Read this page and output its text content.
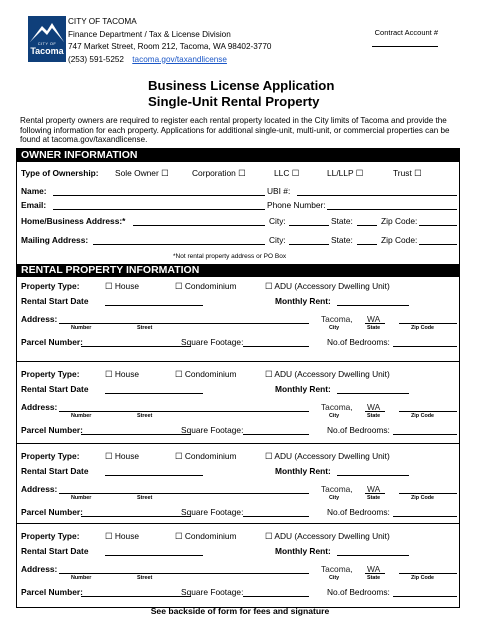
CITY OF
Tacoma
CITY OF TACOMA
Finance Department / Tax & License Division
747 Market Street, Room 212, Tacoma, WA 98402-3770
(253) 591-5252 tacoma.gov/taxandlicense
Contract Account #
Business License Application
Single-Unit Rental Property
Rental property owners are required to register each rental property located in the City limits of Tacoma and provide the following information for each property. Applications for additional single-unit, multi-unit, or commercial properties can be found at tacoma.gov/taxandlicense.
OWNER INFORMATION
Type of Ownership: Sole Owner ☐	Corporation ☐	LLC ☐	LL/LLP ☐	Trust ☐
Name:	UBI #:
Email:	Phone Number:
Home/Business Address:*	City:	State:	Zip Code:
Mailing Address:	City:	State:	Zip Code:
*Not rental property address or PO Box
RENTAL PROPERTY INFORMATION
Property Type:	☐ House	☐ Condominium	☐ ADU (Accessory Dwelling Unit)
Rental Start Date	Monthly Rent:
Address:
Number	Street
Tacoma, WA
City	State	Zip Code
Parcel Number:	Square Footage:	No.of Bedrooms:
Property Type:	☐ House	☐ Condominium	☐ ADU (Accessory Dwelling Unit)
Rental Start Date	Monthly Rent:
Address:
Number	Street
Tacoma, WA
City	State	Zip Code
Parcel Number:	Square Footage:	No.of Bedrooms:
Property Type:	☐ House	☐ Condominium	☐ ADU (Accessory Dwelling Unit)
Rental Start Date	Monthly Rent:
Address:
Number	Street
Tacoma, WA
City	State	Zip Code
Parcel Number:	Square Footage:	No.of Bedrooms:
Property Type:	☐ House	☐ Condominium	☐ ADU (Accessory Dwelling Unit)
Rental Start Date	Monthly Rent:
Address:
Number	Street
Tacoma, WA
City	State	Zip Code
Parcel Number:	Square Footage:	No.of Bedrooms:
See backside of form for fees and signature
